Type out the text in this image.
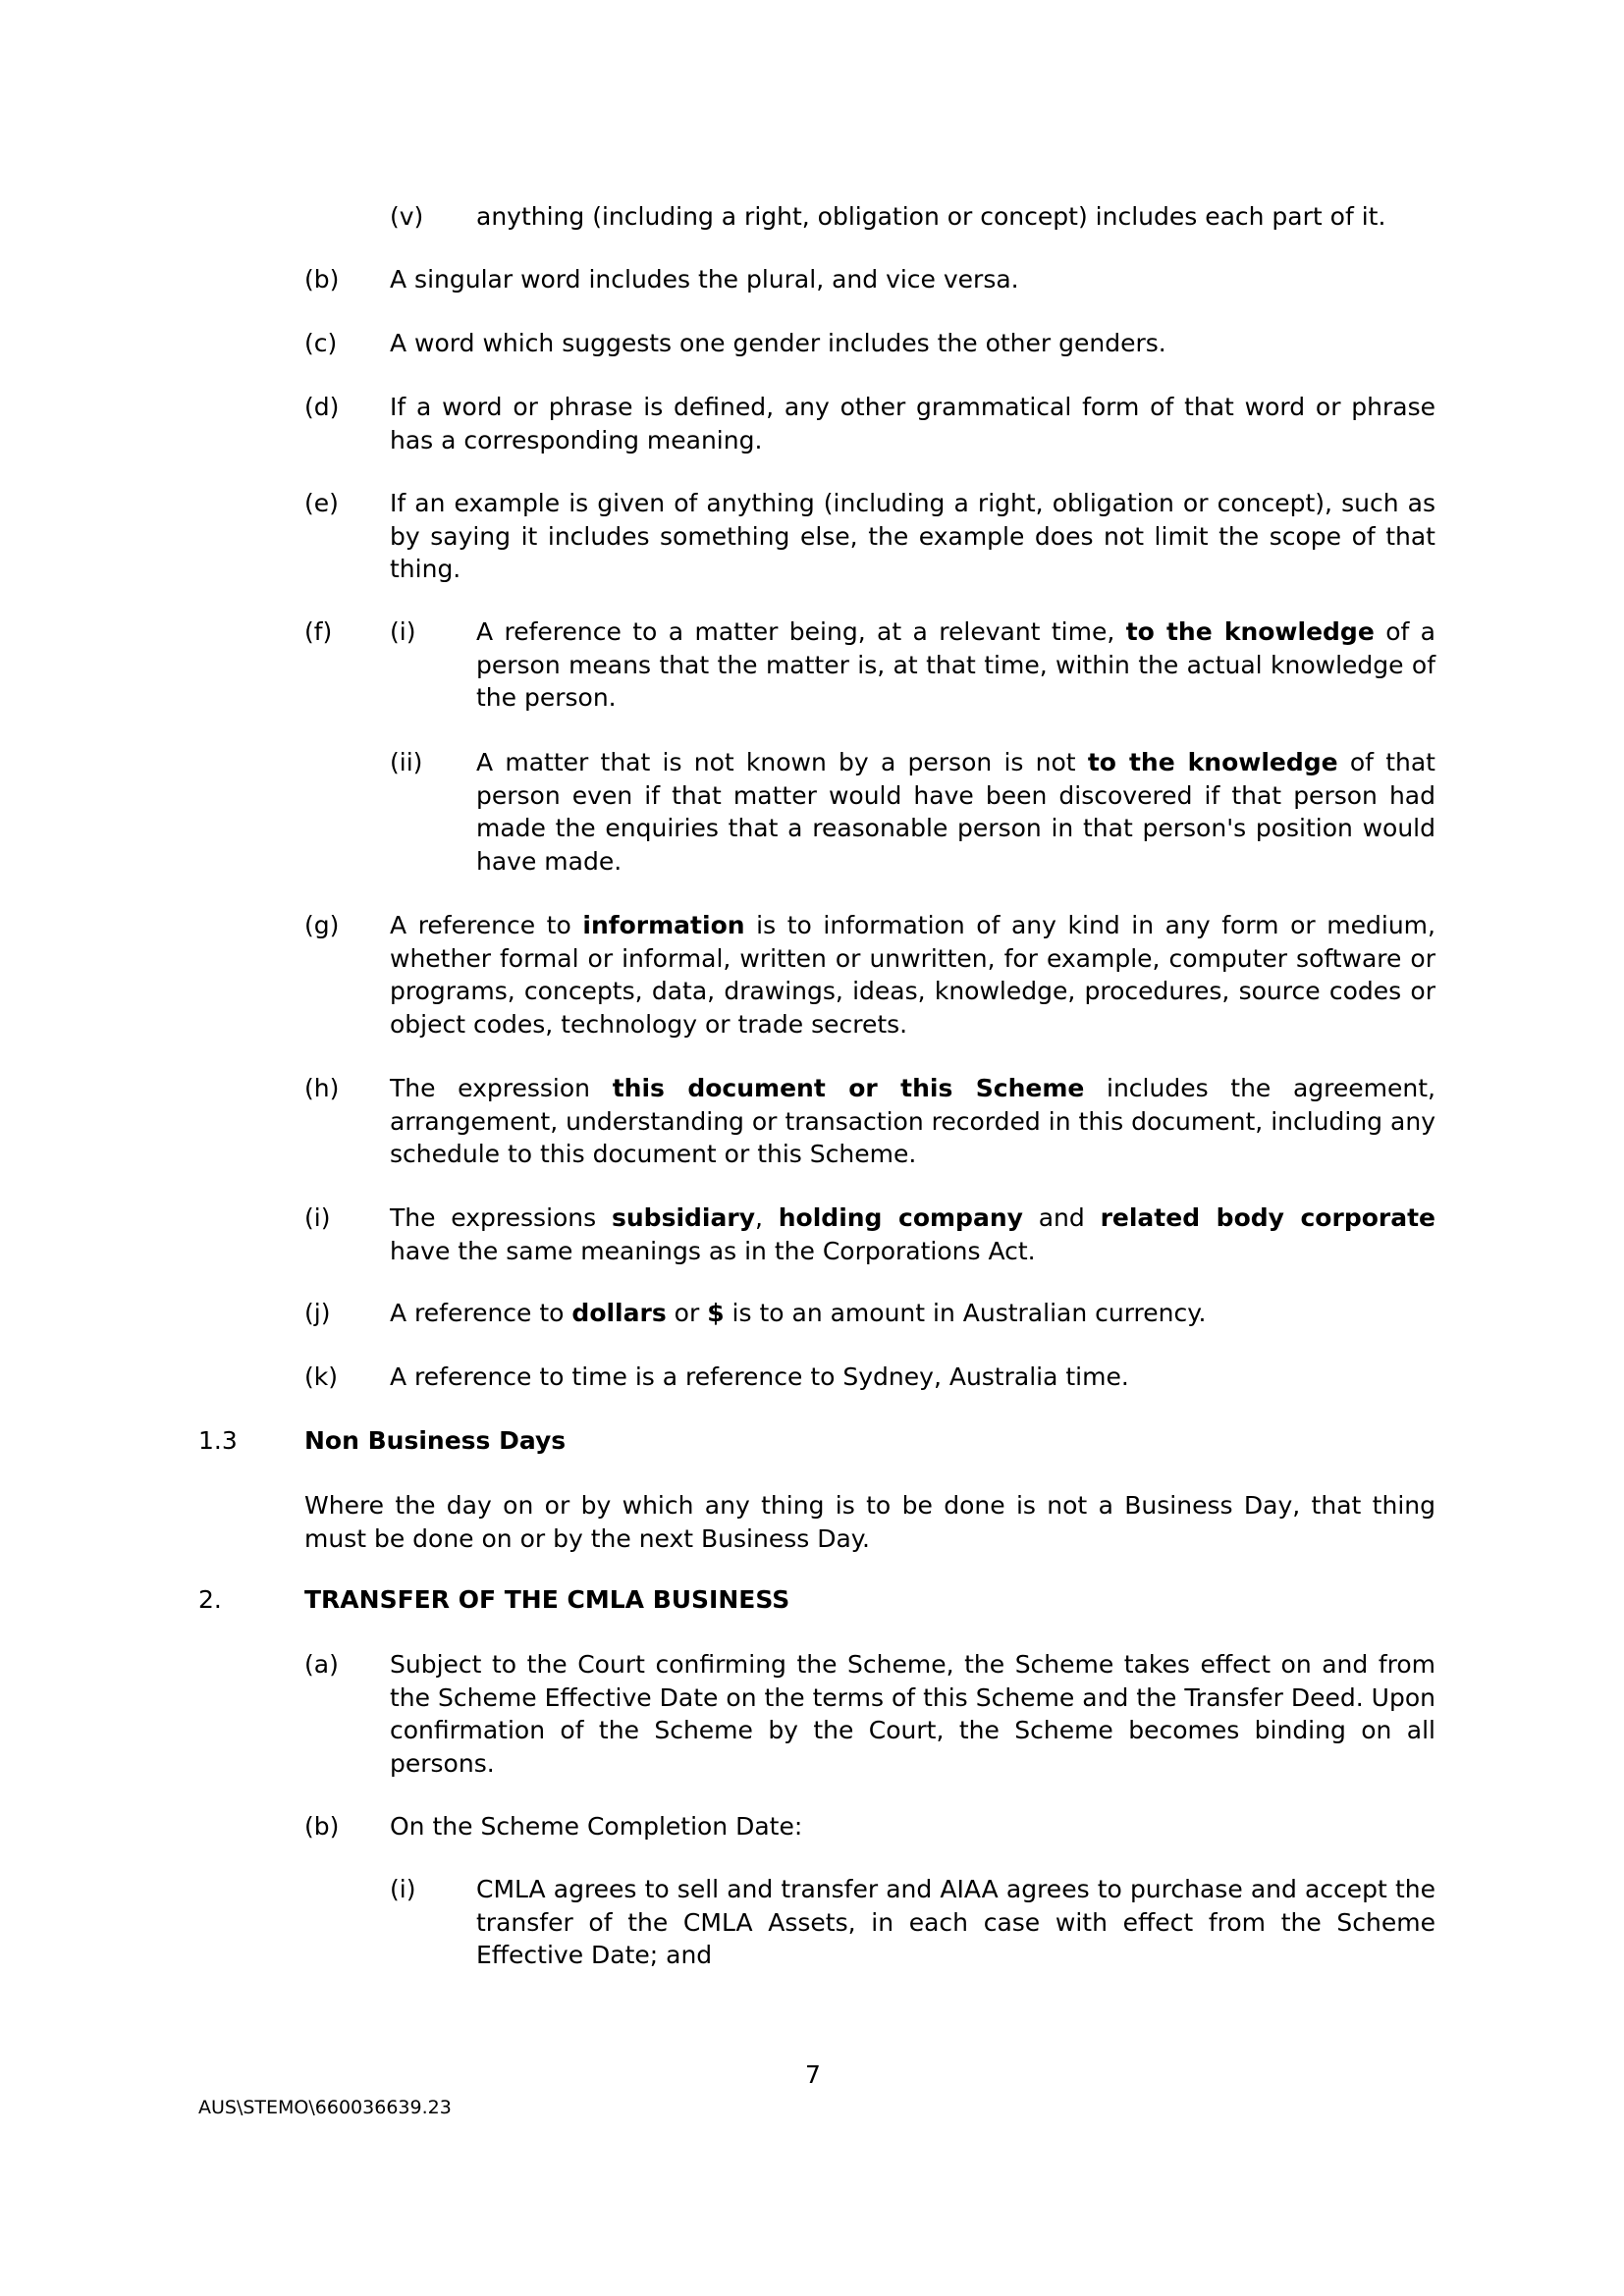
(v) anything (including a right, obligation or concept) includes each part of it.
(b) A singular word includes the plural, and vice versa.
(c) A word which suggests one gender includes the other genders.
(d) If a word or phrase is defined, any other grammatical form of that word or phrase has a corresponding meaning.
(e) If an example is given of anything (including a right, obligation or concept), such as by saying it includes something else, the example does not limit the scope of that thing.
(f) (i) A reference to a matter being, at a relevant time, to the knowledge of a person means that the matter is, at that time, within the actual knowledge of the person.
(ii) A matter that is not known by a person is not to the knowledge of that person even if that matter would have been discovered if that person had made the enquiries that a reasonable person in that person's position would have made.
(g) A reference to information is to information of any kind in any form or medium, whether formal or informal, written or unwritten, for example, computer software or programs, concepts, data, drawings, ideas, knowledge, procedures, source codes or object codes, technology or trade secrets.
(h) The expression this document or this Scheme includes the agreement, arrangement, understanding or transaction recorded in this document, including any schedule to this document or this Scheme.
(i) The expressions subsidiary, holding company and related body corporate have the same meanings as in the Corporations Act.
(j) A reference to dollars or $ is to an amount in Australian currency.
(k) A reference to time is a reference to Sydney, Australia time.
1.3	Non Business Days
Where the day on or by which any thing is to be done is not a Business Day, that thing must be done on or by the next Business Day.
2.	TRANSFER OF THE CMLA BUSINESS
(a) Subject to the Court confirming the Scheme, the Scheme takes effect on and from the Scheme Effective Date on the terms of this Scheme and the Transfer Deed. Upon confirmation of the Scheme by the Court, the Scheme becomes binding on all persons.
(b) On the Scheme Completion Date:
(i) CMLA agrees to sell and transfer and AIAA agrees to purchase and accept the transfer of the CMLA Assets, in each case with effect from the Scheme Effective Date; and
7
AUS\STEMO\660036639.23
